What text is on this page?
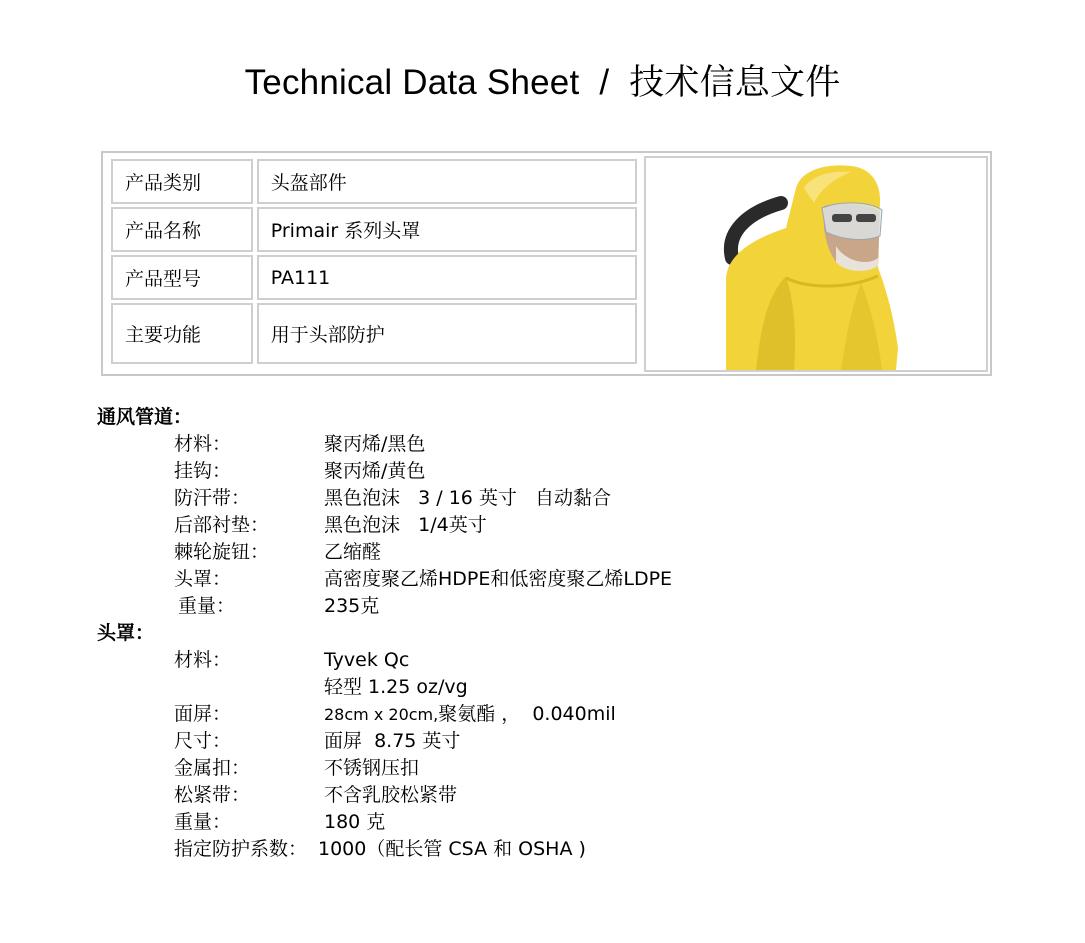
Technical Data Sheet / 技术信息文件
产品类别	头盔部件
产品名称	Primair 系列头罩
产品型号	PA111
主要功能	用于头部防护
通风管道：
材料：	聚丙烯/黑色
挂钩：	聚丙烯/黄色
防汗带：	黑色泡沫   3 / 16 英寸   自动黏合
后部衬垫：	黑色泡沫   1/4英寸
棘轮旋钮：	乙缩醛
头罩：	高密度聚乙烯HDPE和低密度聚乙烯LDPE
重量：	235克
头罩：
材料：	Tyvek Qc
轻型 1.25 oz/vg
面屏：	28cm x 20cm,聚氨酯 ，  0.040mil
尺寸：	面屏  8.75 英寸
金属扣：	不锈钢压扣
松紧带：	不含乳胶松紧带
重量：	180 克
指定防护系数： 1000（配长管 CSA 和 OSHA )
